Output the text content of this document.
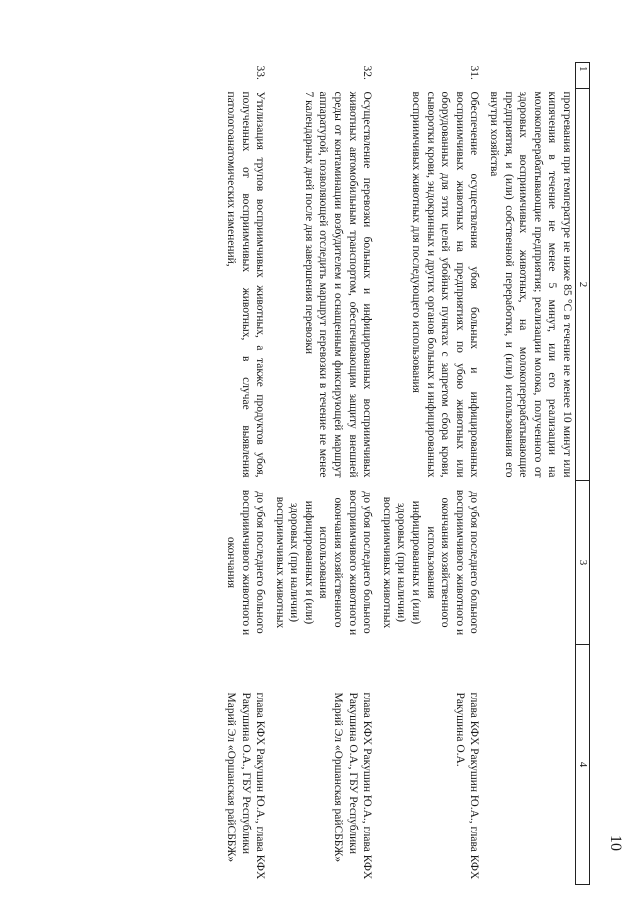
10
1	2	3	4
	прогревания при температуре не ниже 85 °C в течение не менее 10 минут или кипячения в течение не менее 5 минут, или его реализации на молокоперерабатывающие предприятия; реализации молока, полученного от здоровых восприимчивых животных, на молокоперерабатывающие предприятия, и (или) собственной переработки, и (или) использования его внутри хозяйства		
31.	Обеспечение осуществления убоя больных и инфицированных восприимчивых животных на предприятиях по убою животных или оборудованных для этих целей убойных пунктах с запретом сбора крови, сыворотки крови, эндокринных и других органов больных и инфицированных восприимчивых животных для последующего использования	до убоя последнего больного восприимчивого животного и окончания хозяйственного использования инфицированных и (или) здоровых (при наличии) восприимчивых животных	глава КФХ Ракушин Ю.А., глава КФХ Ракушина О.А.
32.	Осуществление перевозки больных и инфицированных восприимчивых животных автомобильным транспортом, обеспечивающим защиту внешней среды от контаминации возбудителем и оснащенным фиксирующей маршрут аппаратурой, позволяющей отследить маршрут перевозки в течение не менее 7 календарных дней после дня завершения перевозки	до убоя последнего больного восприимчивого животного и окончания хозяйственного использования инфицированных и (или) здоровых (при наличии) восприимчивых животных	глава КФХ Ракушин Ю.А., глава КФХ Ракушина О.А., ГБУ Республики Марий Эл «Оршанская райСББЖ»
33.	Утилизация трупов восприимчивых животных, а также продуктов убоя, полученных от восприимчивых животных, в случае выявления патологоанатомических изменений,	до убоя последнего больного восприимчивого животного и окончания	глава КФХ Ракушин Ю.А., глава КФХ Ракушина О.А., ГБУ Республики Марий Эл «Оршанская райСББЖ»
